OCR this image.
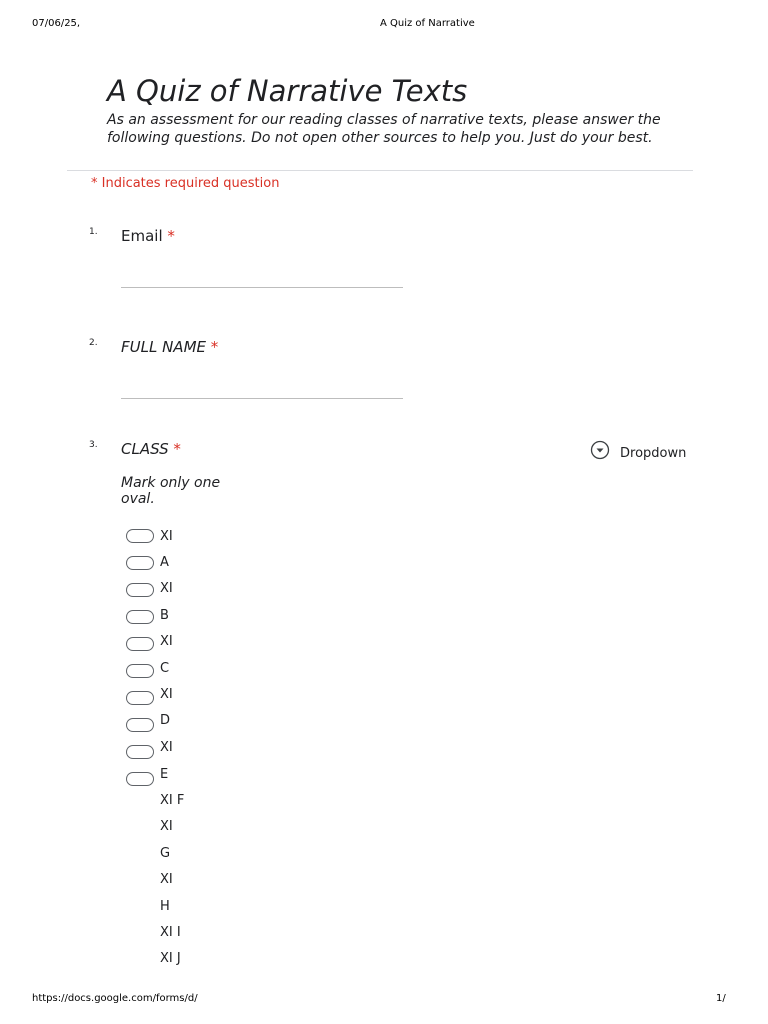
07/06/25,	A Quiz of Narrative
A Quiz of Narrative Texts
As an assessment for our reading classes of narrative texts, please answer the following questions. Do not open other sources to help you. Just do your best.
* Indicates required question
1. Email *
2. FULL NAME *
3. CLASS *
Mark only one oval.
Dropdown
XI
A
XI
B
XI
C
XI
D
XI
E
XI F
XI
G
XI
H
XI I
XI J
https://docs.google.com/forms/d/	1/
